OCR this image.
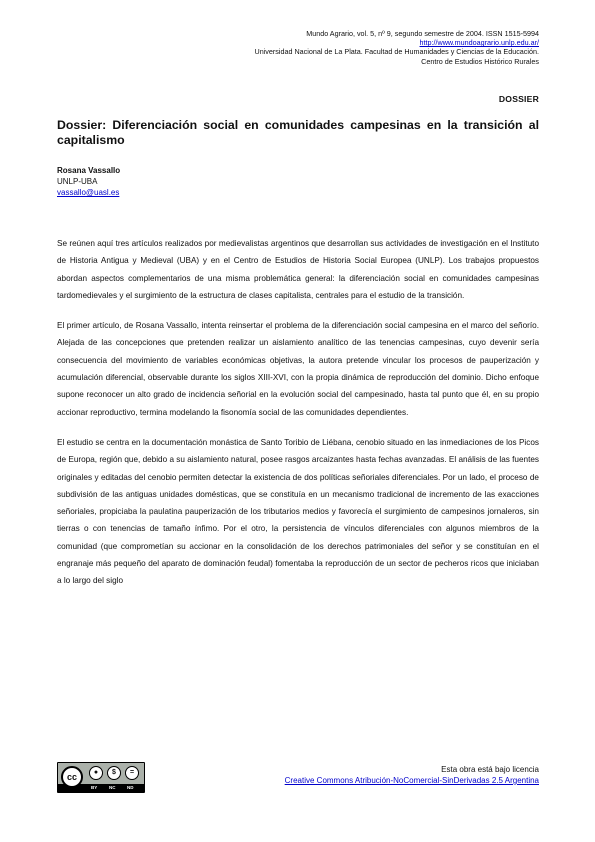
Mundo Agrario, vol. 5, nº 9, segundo semestre de 2004. ISSN 1515-5994
http://www.mundoagrario.unlp.edu.ar/
Universidad Nacional de La Plata. Facultad de Humanidades y Ciencias de la Educación.
Centro de Estudios Histórico Rurales
DOSSIER
Dossier: Diferenciación social en comunidades campesinas en la transición al capitalismo
Rosana Vassallo
UNLP-UBA
vassallo@uasl.es

Se reúnen aquí tres artículos realizados por medievalistas argentinos que desarrollan sus actividades de investigación en el Instituto de Historia Antigua y Medieval (UBA) y en el Centro de Estudios de Historia Social Europea (UNLP). Los trabajos propuestos abordan aspectos complementarios de una misma problemática general: la diferenciación social en comunidades campesinas tardomedievales y el surgimiento de la estructura de clases capitalista, centrales para el estudio de la transición.

El primer artículo, de Rosana Vassallo, intenta reinsertar el problema de la diferenciación social campesina en el marco del señorío. Alejada de las concepciones que pretenden realizar un aislamiento analítico de las tenencias campesinas, cuyo devenir sería consecuencia del movimiento de variables económicas objetivas, la autora pretende vincular los procesos de pauperización y acumulación diferencial, observable durante los siglos XIII-XVI, con la propia dinámica de reproducción del dominio. Dicho enfoque supone reconocer un alto grado de incidencia señorial en la evolución social del campesinado, hasta tal punto que él, en su propio accionar reproductivo, termina modelando la fisonomía social de las comunidades dependientes.

El estudio se centra en la documentación monástica de Santo Toribio de Liébana, cenobio situado en las inmediaciones de los Picos de Europa, región que, debido a su aislamiento natural, posee rasgos arcaizantes hasta fechas avanzadas. El análisis de las fuentes originales y editadas del cenobio permiten detectar la existencia de dos políticas señoriales diferenciales. Por un lado, el proceso de subdivisión de las antiguas unidades domésticas, que se constituía en un mecanismo tradicional de incremento de las exacciones señoriales, propiciaba la paulatina pauperización de los tributarios medios y favorecía el surgimiento de campesinos jornaleros, sin tierras o con tenencias de tamaño ínfimo. Por el otro, la persistencia de vínculos diferenciales con algunos miembros de la comunidad (que comprometían su accionar en la consolidación de los derechos patrimoniales del señor y se constituían en el engranaje más pequeño del aparato de dominación feudal) fomentaba la reproducción de un sector de pecheros ricos que iniciaban a lo largo del siglo

cc	●	$	=
BY	NC	ND
Esta obra está bajo licencia
Creative Commons Atribución-NoComercial-SinDerivadas 2.5 Argentina
